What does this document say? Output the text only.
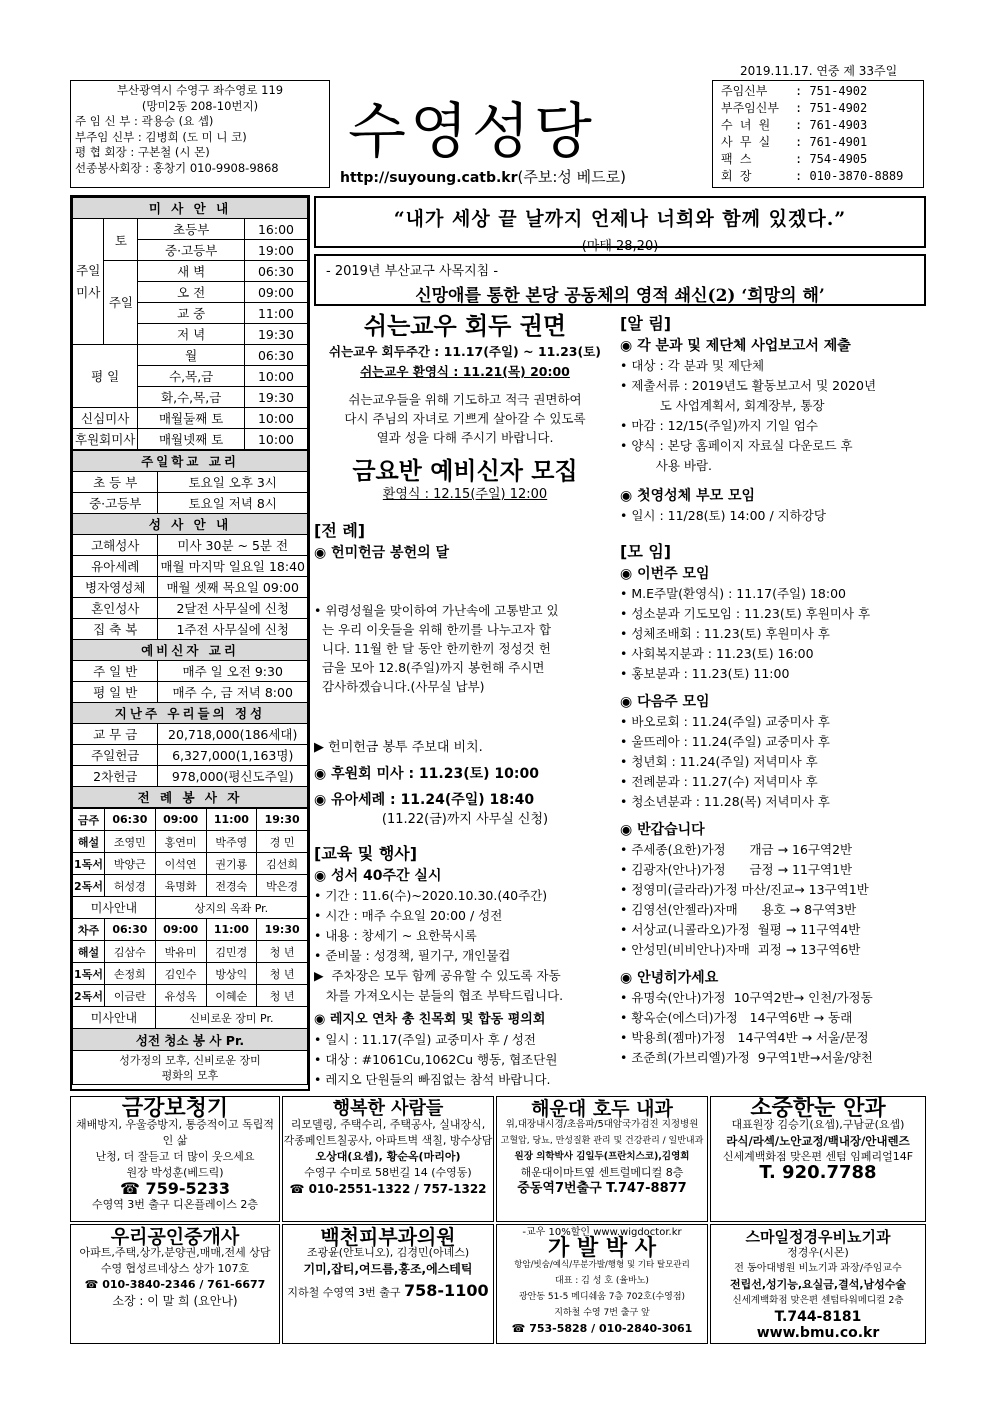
2019.11.17. 연중 제 33주일
부산광역시 수영구 좌수영로 119
(망미2동 208-10번지)
주 임 신 부 : 곽용승 (요 셉)
부주임 신부 : 김병희 (도 미 니 코)
평 협 회장 : 구본철 (시 몬)
선종봉사회장 : 홍창기 010-9908-9868
수영성당
http://suyoung.catb.kr(주보:성 베드로)
주임신부	: 751-4902
부주임신부	: 751-4902
수 녀 원	: 761-4903
사 무 실	: 761-4901
팩 스	: 754-4905
회 장	: 010-3870-8889
미 사 안 내			
주일미사	토	초등부	16:00
		중·고등부	19:00
	주일	새 벽	06:30
		오 전	09:00
		교 중	11:00
		저 녁	19:30
평 일		월	06:30
		수,목,금	10:00
		화,수,목,금	19:30
신심미사		매월둘째 토	10:00
후원회미사		매월넷째 토	10:00
주일학교 교리	
초 등 부	토요일 오후 3시
중·고등부	토요일 저녁 8시
성 사 안 내	
고해성사	미사 30분 ~ 5분 전
유아세례	매월 마지막 일요일 18:40
병자영성체	매월 셋째 목요일 09:00
혼인성사	2달전 사무실에 신청
집 축 복	1주전 사무실에 신청
예비신자 교리	
주 일 반	매주 일 오전 9:30
평 일 반	매주 수, 금 저녁 8:00
지난주 우리들의 정성	
교 무 금	20,718,000(186세대)
주일헌금	6,327,000(1,163명)
2차헌금	978,000(평신도주일)
전 례 봉 사 자	
금주	06:30	09:00	11:00	19:30
해설	조영민	홍연미	박주영	경 민
1독서	박양근	이석연	권기룡	김선희
2독서	허성경	육명화	전경숙	박은경
미사안내		상지의 옥좌 Pr.		
차주	06:30	09:00	11:00	19:30
해설	김삼수	박유미	김민경	청 년
1독서	손정희	김인수	방상익	청 년
2독서	이금란	유성옥	이혜순	청 년
미사안내		신비로운 장미 Pr.		
성전 청소 봉 사 Pr.				

성가정의 모후, 신비로운 장미
평화의 모후				
“내가 세상 끝 날까지 언제나 너희와 함께 있겠다.”
(마태 28,20)
- 2019년 부산교구 사목지침 -
신망애를 통한 본당 공동체의 영적 쇄신(2) ‘희망의 해’
쉬는교우 회두 권면
쉬는교우 회두주간 : 11.17(주일) ~ 11.23(토)
쉬는교우 환영식 : 11.21(목) 20:00
쉬는교우들을 위해 기도하고 적극 권면하여
다시 주님의 자녀로 기쁘게 살아갈 수 있도록
열과 성을 다해 주시기 바랍니다.
금요반 예비신자 모집
환영식 : 12.15(주일) 12:00
[전 례]
◉ 헌미헌금 봉헌의 달

• 위령성월을 맞이하여 가난속에 고통받고 있
는 우리 이웃들을 위해 한끼를 나누고자 합
니다. 11월 한 달 동안 한끼한끼 정성것 헌
금을 모아 12.8(주일)까지 봉헌해 주시면
감사하겠습니다.(사무실 납부)

▶ 헌미헌금 봉투 주보대 비치.
◉ 후원회 미사 : 11.23(토) 10:00
◉ 유아세례 : 11.24(주일) 18:40
(11.22(금)까지 사무실 신청)
[교육 및 행사]
◉ 성서 40주간 실시
• 기간 : 11.6(수)~2020.10.30.(40주간)
• 시간 : 매주 수요일 20:00 / 성전
• 내용 : 창세기 ~ 요한묵시록
• 준비물 : 성경책, 필기구, 개인물컵
▶  주차장은 모두 함께 공유할 수 있도록 자동
차를 가져오시는 분들의 협조 부탁드립니다.
◉ 레지오 연차 총 친목회 및 합동 평의회
• 일시 : 11.17(주일) 교중미사 후 / 성전
• 대상 : #1061Cu,1062Cu 행동, 협조단원
• 레지오 단원들의 빠짐없는 참석 바랍니다.
[알 림]
◉ 각 분과 및 제단체 사업보고서 제출
• 대상 : 각 분과 및 제단체
• 제출서류 : 2019년도 활동보고서 및 2020년
도 사업계획서, 회계장부, 통장
• 마감 : 12/15(주일)까지 기일 엄수
• 양식 : 본당 홈페이지 자료실 다운로드 후
사용 바람.
◉ 첫영성체 부모 모임
• 일시 : 11/28(토) 14:00 / 지하강당
[모 임]
◉ 이번주 모임
• M.E주말(환영식) : 11.17(주일) 18:00
• 성소분과 기도모임 : 11.23(토) 후원미사 후
• 성체조배회 : 11.23(토) 후원미사 후
• 사회복지분과 : 11.23(토) 16:00
• 홍보분과 : 11.23(토) 11:00
◉ 다음주 모임
• 바오로회 : 11.24(주일) 교중미사 후
• 울뜨레아 : 11.24(주일) 교중미사 후
• 청년회 : 11.24(주일) 저녁미사 후
• 전례분과 : 11.27(수) 저녁미사 후
• 청소년분과 : 11.28(목) 저녁미사 후
◉ 반갑습니다
• 주세종(요한)가정      개금 → 16구역2반
• 김광자(안나)가정      금정 → 11구역1반
• 정영미(글라라)가정 마산/진교→ 13구역1반
• 김영선(안젤라)자매      용호 → 8구역3반
• 서상교(니콜라오)가정  월평 → 11구역4반
• 안성민(비비안나)자매  괴정 → 13구역6반
◉ 안녕히가세요
• 유명숙(안나)가정  10구역2반→ 인천/가정동
• 황옥순(에스더)가정   14구역6반 → 동래
• 박용희(젬마)가정   14구역4반 → 서울/문정
• 조준희(가브리엘)가정  9구역1반→서울/양천
금강보청기
채배방지, 우울증방지, 통증적이고 독립적인 삶
난청, 더 잘듣고 더 많이 웃으세요
원장 박성훈(베드릭)
☎ 759-5233
수영역 3번 출구 디온플레이스 2층
행복한 사람들
리모델링, 주택수리, 주택공사, 실내장식,
각종페인트칠공사, 아파트벽 색칠, 방수상담
오상대(요셉), 황순옥(마리아)
수영구 수미로 58번길 14 (수영동)
☎ 010-2551-1322 / 757-1322
해운대 호두 내과
위,대장내시경/초음파/5대암국가검진 지정병원
고혈압, 당뇨, 만성질환 관리 및 건강관리 / 일반내과
원장 의학박사 김일두(프란치스코),김영희
해운대이마트옆 센트럴메디컬 8층
중동역7번출구 T.747-8877
소중한눈 안과
대표원장 김승기(요셉),구남균(요셉)
라식/라섹/노안교정/백내장/안내렌즈
신세계백화점 맞은편 센텀 임페리얼14F
T. 920.7788
우리공인중개사
아파트,주택,상가,분양권,매매,전세 상담
수영 협성르네상스 상가 107호
☎ 010-3840-2346 / 761-6677
소장 : 이 말 희 (요안나)
백천피부과의원
조광윤(안토니오), 김경민(아녜스)
기미,잡티,여드름,홍조,에스테틱
지하철 수영역 3번 출구 758-1100
-교우 10%할인 www.wigdoctor.kr
가 발 박 사
항암/빗숨/예식/무분가발/행형 및 기타 탈모관리
대표 : 김 성 호 (율바노)
광안동 51-5 메디쉐움 7층 702호(수영점)
지하철 수영 7번 출구 앞
☎ 753-5828 / 010-2840-3061
스마일정경우비뇨기과
정경우(시몬)
전 동아대병원 비뇨기과 과장/주임교수
전립선,성기능,요실금,결석,남성수술
신세계백화점 맞은편 센텀타워메디컬 2층
T.744-8181 www.bmu.co.kr
